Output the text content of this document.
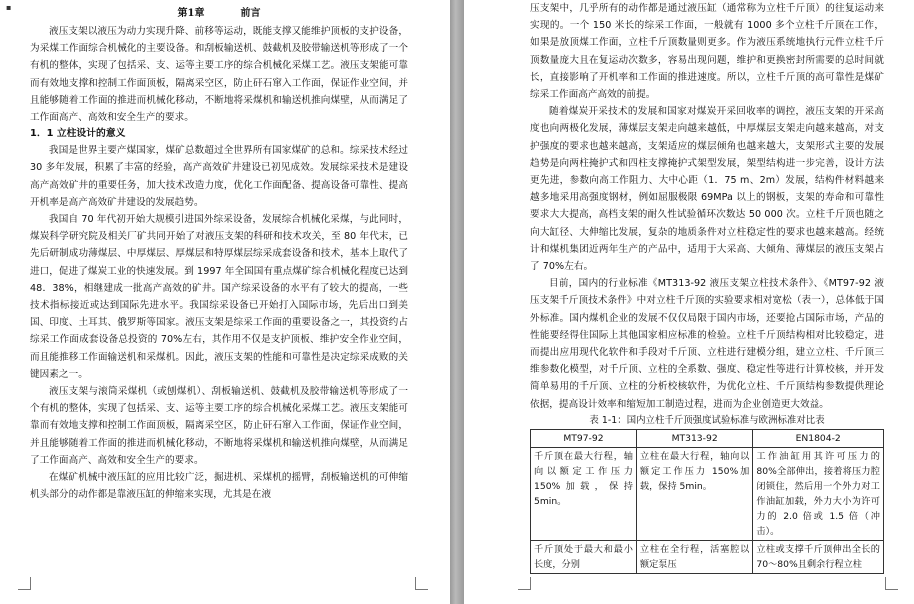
▪
第1章	前言

液压支架以液压为动力实现升降、前移等运动，既能支撑又能维护顶板的支护设备，为采煤工作面综合机械化的主要设备。和刮板输送机、鼓截机及胶带输送机等形成了一个有机的整体，实现了包括采、支、运等主要工序的综合机械化采煤工艺。液压支架能可靠而有效地支撑和控制工作面顶板，隔离采空区，防止矸石窜入工作面，保证作业空间，并且能够随着工作面的推进而机械化移动，不断地将采煤机和输送机推向煤壁，从而满足了工作面高产、高效和安全生产的要求。

1．1 立柱设计的意义

我国是世界主要产煤国家，煤矿总数超过全世界所有国家煤矿的总和。综采技术经过 30 多年发展，积累了丰富的经验，高产高效矿井建设已初见成效。发展综采技术是建设高产高效矿井的重要任务，加大技术改造力度，优化工作面配备、提高设备可靠性、提高开机率是高产高效矿井建设的发展趋势。

我国自 70 年代初开始大规模引进国外综采设备，发展综合机械化采煤，与此同时，煤炭科学研究院及相关厂矿共同开始了对液压支架的科研和技术攻关，至 80 年代末，已先后研制成功薄煤层、中厚煤层、厚煤层和特厚煤层综采成套设备和技术，基本上取代了进口，促进了煤炭工业的快速发展。到 1997 年全国国有重点煤矿综合机械化程度已达到 48．38%，相继建成一批高产高效的矿井。国产综采设备的水平有了较大的提高，一些技术指标接近或达到国际先进水平。我国综采设备已开始打入国际市场，先后出口到美国、印度、土耳其、俄罗斯等国家。液压支架是综采工作面的重要设备之一，其投资约占综采工作面成套设备总投资的 70%左右，其作用不仅是支护顶板、维护安全作业空间，而且能推移工作面输送机和采煤机。因此，液压支架的性能和可靠性是决定综采成败的关键因素之一。

液压支架与滚筒采煤机（或刨煤机）、刮板输送机、鼓截机及胶带输送机等形成了一个有机的整体，实现了包括采、支、运等主要工序的综合机械化采煤工艺。液压支架能可靠而有效地支撑和控制工作面顶板，隔离采空区，防止矸石窜入工作面，保证作业空间，并且能够随着工作面的推进而机械化移动，不断地将采煤机和输送机推向煤壁，从而满足了工作面高产、高效和安全生产的要求。

在煤矿机械中液压缸的应用比较广泛，掘进机、采煤机的摇臂，刮板输送机的可伸缩机头部分的动作都是靠液压缸的伸缩来实现，尤其是在液

压支架中，几乎所有的动作都是通过液压缸（通常称为立柱千斤顶）的往复运动来实现的。一个 150 米长的综采工作面，一般就有 1000 多个立柱千斤顶在工作，如果是放顶煤工作面，立柱千斤顶数量则更多。作为液压系统地执行元件立柱千斤顶数量庞大且在复运动次数多，容易出现问题，维护和更换密封所需要的总时间就长，直接影响了开机率和工作面的推进速度。所以，立柱千斤顶的高可靠性是煤矿综采工作面高产高效的前提。

随着煤炭开采技术的发展和国家对煤炭开采回收率的调控，液压支架的开采高度也向两极化发展，薄煤层支架走向越来越低，中厚煤层支架走向越来越高，对支护强度的要求也越来越高，支架适应的煤层倾角也越来越大，支架形式主要的发展趋势是向两柱掩护式和四柱支撑掩护式架型发展，架型结构进一步完善，设计方法更先进，参数向高工作阻力、大中心距（1．75 m、2m）发展，结构件材料越来越多地采用高强度钢材，例如屈服极限 69MPa 以上的钢板，支架的寿命和可靠性要求大大提高，高档支架的耐久性试验循环次数达 50 000 次。立柱千斤顶也随之向大缸径、大伸缩比发展，复杂的地质条件对立柱稳定性的要求也越来越高。经统计和煤机集团近两年生产的产品中，适用于大采高、大倾角、薄煤层的液压支架占了 70%左右。

目前，国内的行业标准《MT313-92 液压支架立柱技术条件》、《MT97-92 液压支架千斤顶技术条件》中对立柱千斤顶的实验要求相对宽松（表一），总体低于国外标准。国内煤机企业的发展不仅仅局限于国内市场，还要抢占国际市场，产品的性能要经得住国际上其他国家相应标准的检验。立柱千斤顶结构相对比较稳定，进而提出应用现代化软件和手段对千斤顶、立柱进行建模分组，建立立柱、千斤顶三维参数化模型，对千斤顶、立柱的全系数、强度、稳定性等进行计算校核，并开发简单易用的千斤顶、立柱的分析校核软件，为优化立柱、千斤顶结构参数提供理论依据，提高设计效率和缩短加工制造过程，进而为企业创造更大效益。

表 1-1：国内立柱千斤顶强度试验标准与欧洲标准对比表

MT97-92	MT313-92	EN1804-2
千斤顶在最大行程，轴向以额定工作压力 150%加载，保持 5min。	立柱在最大行程，轴向以额定工作压力 150%加载，保持 5min。	工作油缸用其许可压力的 80%全部伸出，接着将压力腔闭锁住，然后用一个外力对工作油缸加载，外力大小为许可力的 2.0 倍或 1.5 倍（冲击）。
千斤顶处于最大和最小长度，分别	立柱在全行程，活塞腔以额定泵压	立柱或支撑千斤顶伸出全长的 70～80%且剩余行程立柱
